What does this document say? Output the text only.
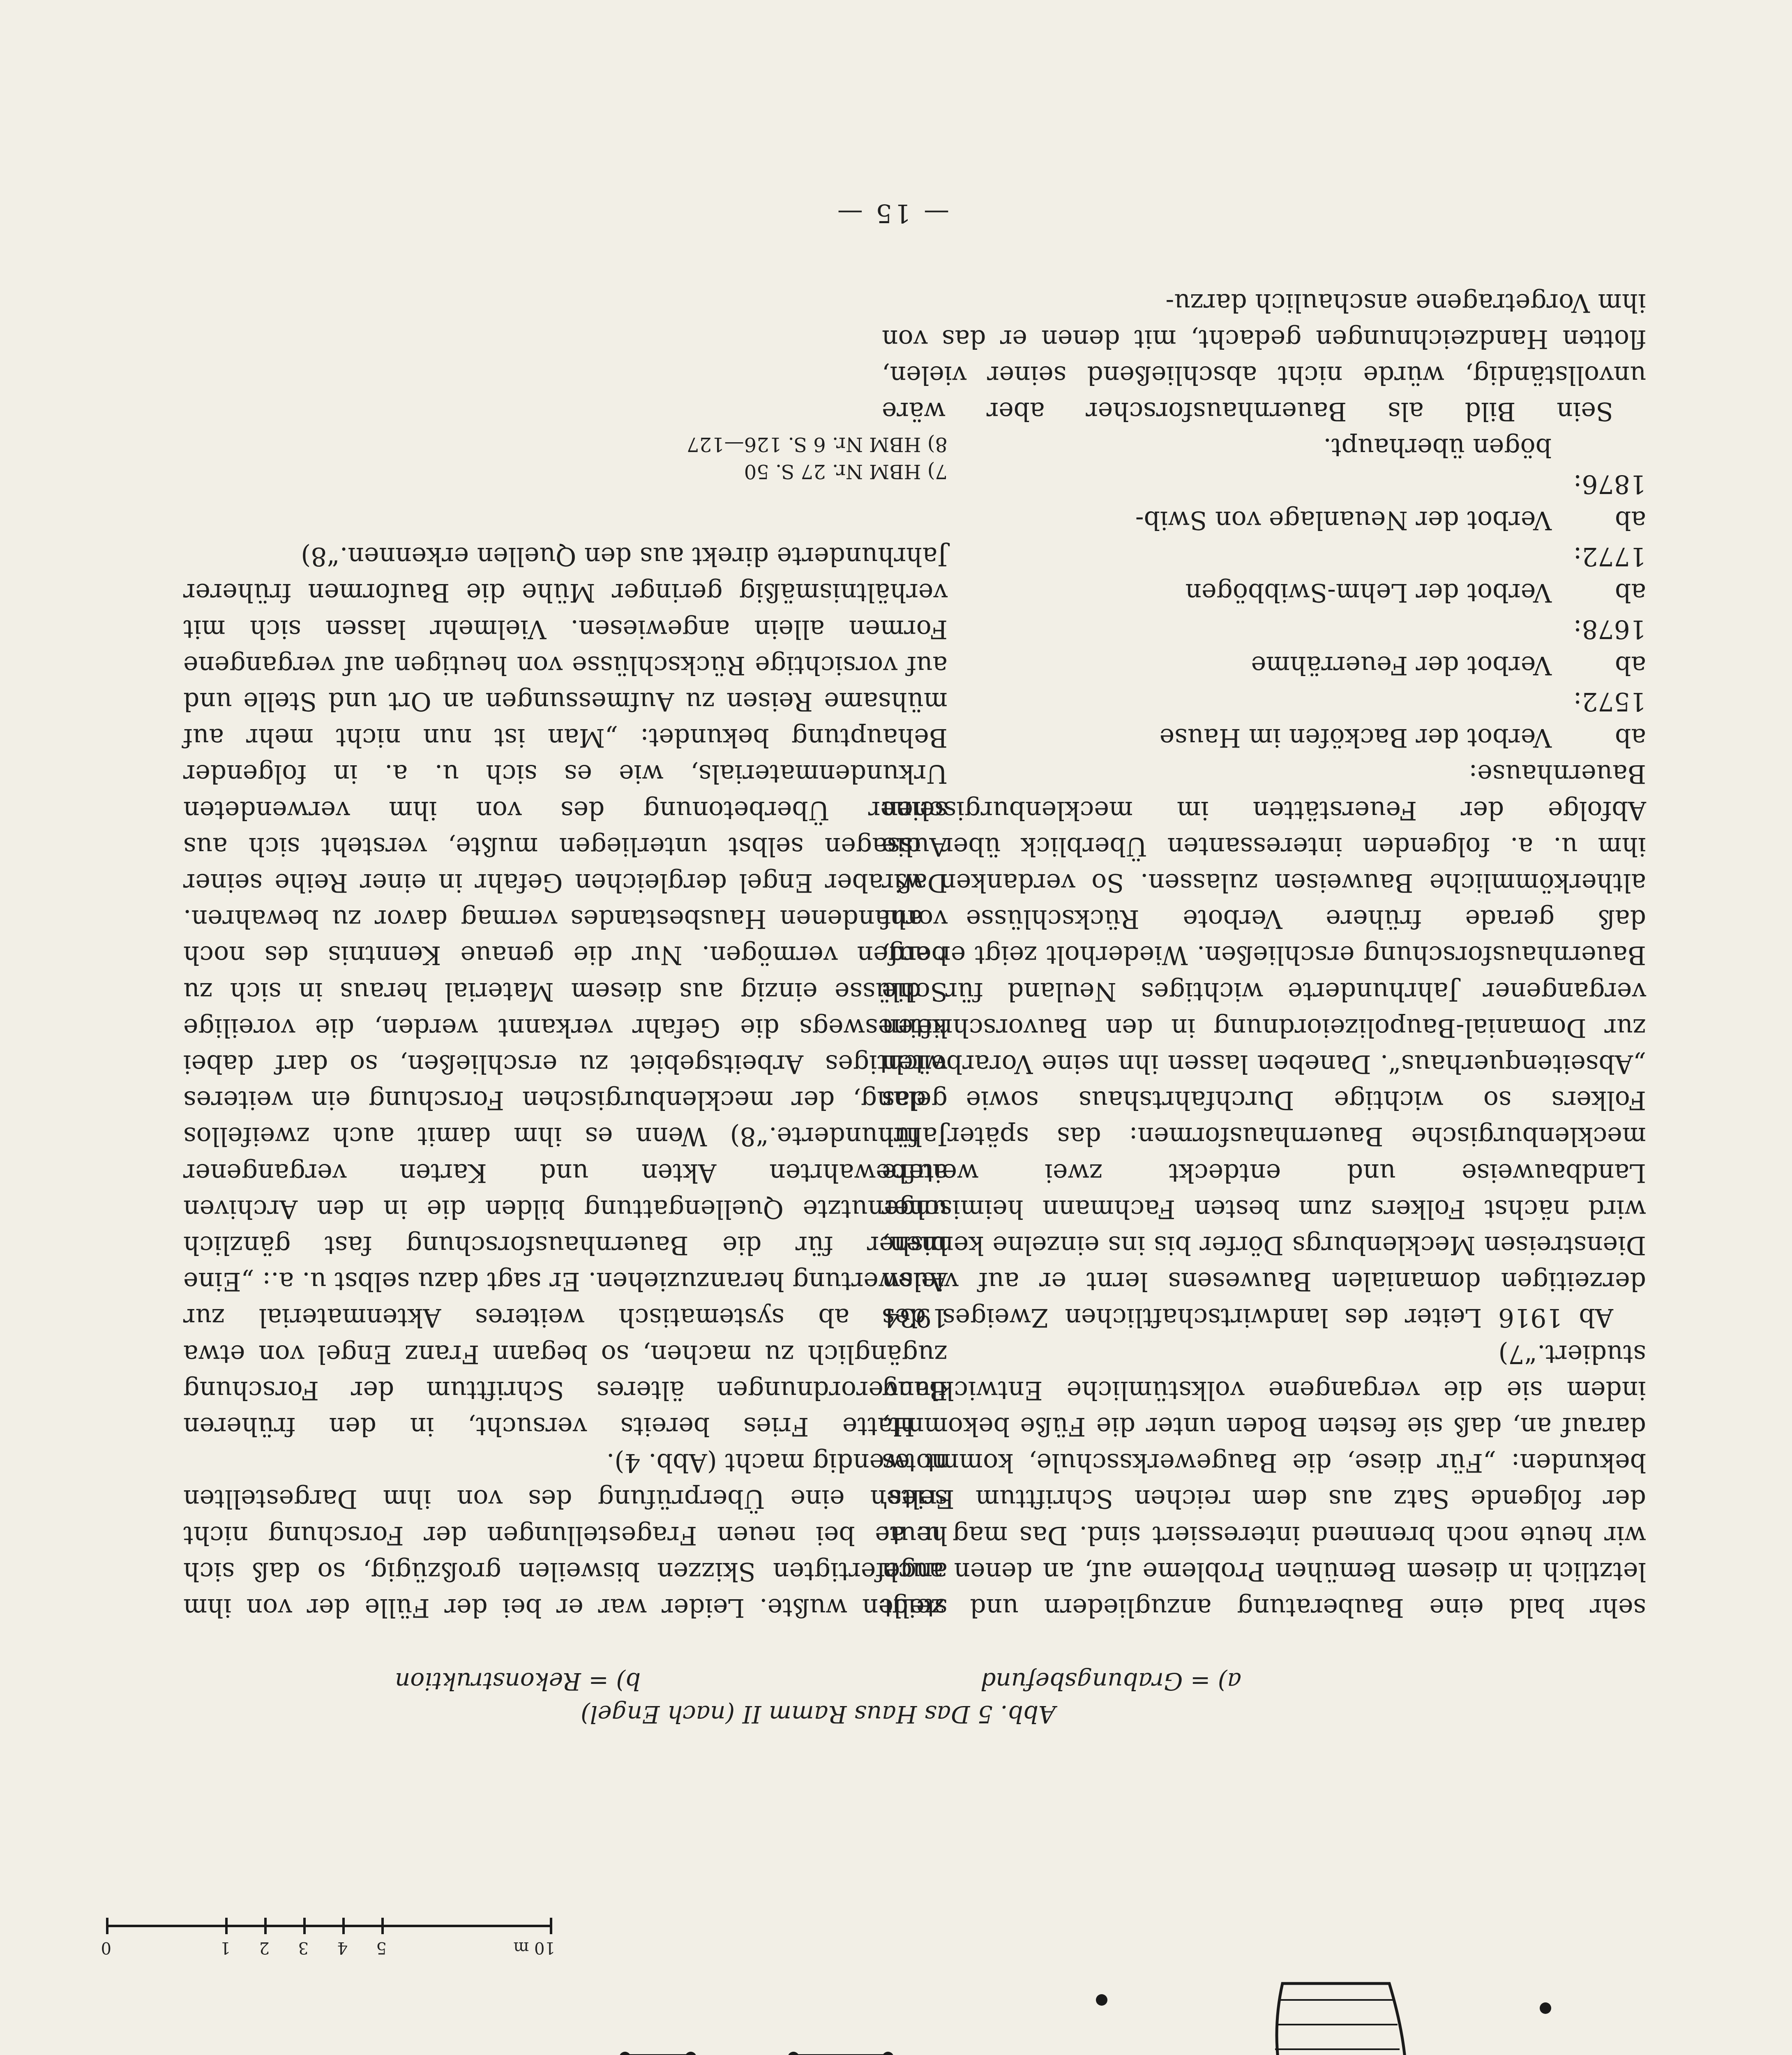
0	1 2 3 4 5	10 m
Abb. 5 Das Haus Ramm II (nach Engel)
a) = Grabungsbefund
b) = Rekonstruktion

sehr bald eine Bauberatung anzugliedern und zeigt letztlich in diesem Bemühen Probleme auf, an denen auch wir heute noch brennend interessiert sind. Das mag u. a. der folgende Satz aus dem reichen Schrifttum Fries' bekunden: „Für diese, die Baugewerksschule, kommt es darauf an, daß sie festen Boden unter die Füße bekommt, indem sie die vergangene volkstümliche Entwicklung studiert.“7)

Ab 1916 Leiter des landwirtschaftlichen Zweiges des derzeitigen domanialen Bauwesens lernt er auf vielen Dienstreisen Mecklenburgs Dörfer bis ins einzelne kennen, wird nächst Folkers zum besten Fachmann heimischer Landbauweise und entdeckt zwei weitere mecklenburgische Bauernhausformen: das später für Folkers so wichtige Durchfahrtshaus sowie das „Abseitenquerhaus“. Daneben lassen ihn seine Vorarbeiten zur Domanial-Baupolizeiordnung in den Bauvorschriften vergangener Jahrhunderte wichtiges Neuland für die Bauernhausforschung erschließen. Wiederholt zeigt er auf, daß gerade frühere Verbote Rückschlüsse auf altherkömmliche Bauweisen zulassen. So verdanken wir ihm u. a. folgenden interessanten Überblick über die Abfolge der Feuerstätten im mecklenburgischen Bauernhause:

ab 1572:
Verbot der Backöfen im Hause
ab 1678:
Verbot der Feuerrähme
ab 1772:
Verbot der Lehm-Swibbögen
ab 1876:
Verbot der Neuanlage von Swib-
bögen überhaupt.

Sein Bild als Bauernhausforscher aber wäre unvollständig, würde nicht abschließend seiner vielen, flotten Handzeichnungen gedacht, mit denen er das von ihm Vorgetragene anschaulich darzu-

stellen wußte. Leider war er bei der Fülle der von ihm angefertigten Skizzen bisweilen großzügig, so daß sich heute bei neuen Fragestellungen der Forschung nicht selten eine Überprüfung des von ihm Dargestellten notwendig macht (Abb. 4).

Hatte Fries bereits versucht, in den früheren Bauverordnungen älteres Schrifttum der Forschung zugänglich zu machen, so begann Franz Engel von etwa 1934 ab systematisch weiteres Aktenmaterial zur Auswertung heranzuziehen. Er sagt dazu selbst u. a.: „Eine bisher für die Bauernhausforschung fast gänzlich ungenutzte Quellengattung bilden die in den Archiven aufbewahrten Akten und Karten vergangener Jahrhunderte.“8) Wenn es ihm damit auch zweifellos gelang, der mecklenburgischen Forschung ein weiteres wichtiges Arbeitsgebiet zu erschließen, so darf dabei keineswegs die Gefahr verkannt werden, die voreilige Schlüsse einzig aus diesem Material heraus in sich zu bergen vermögen. Nur die genaue Kenntnis des noch vorhandenen Hausbestandes vermag davor zu bewahren. Daß aber Engel dergleichen Gefahr in einer Reihe seiner Aussagen selbst unterliegen mußte, versteht sich aus seiner Überbetonung des von ihm verwendeten Urkundenmaterials, wie es sich u. a. in folgender Behauptung bekundet: „Man ist nun nicht mehr auf mühsame Reisen zu Aufmessungen an Ort und Stelle und auf vorsichtige Rückschlüsse von heutigen auf vergangene Formen allein angewiesen. Vielmehr lassen sich mit verhältnismäßig geringer Mühe die Bauformen früherer Jahrhunderte direkt aus den Quellen erkennen.“8)

7) HBM Nr. 27 S. 50
8) HBM Nr. 6 S. 126—127
— 15 —
